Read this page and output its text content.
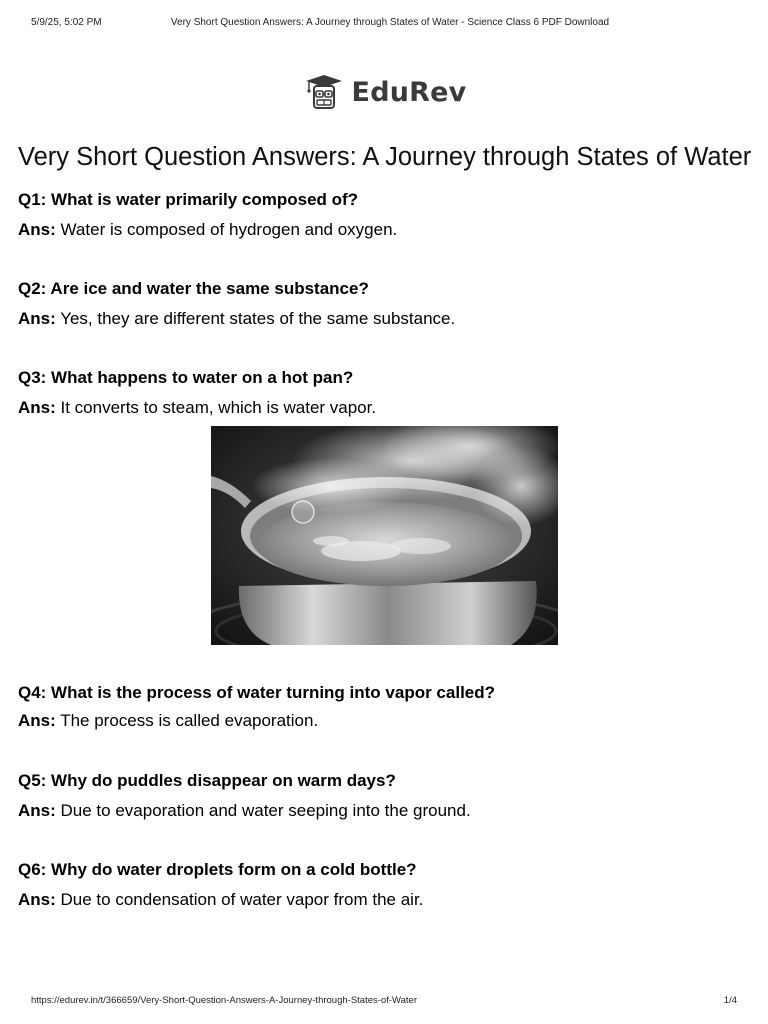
5/9/25, 5:02 PM	Very Short Question Answers: A Journey through States of Water - Science Class 6 PDF Download
EduRev
Very Short Question Answers: A Journey through States of Water
Q1: What is water primarily composed of?
Ans: Water is composed of hydrogen and oxygen.
Q2: Are ice and water the same substance?
Ans: Yes, they are different states of the same substance.
Q3: What happens to water on a hot pan?
Ans: It converts to steam, which is water vapor.
Q4: What is the process of water turning into vapor called?
Ans: The process is called evaporation.
Q5: Why do puddles disappear on warm days?
Ans: Due to evaporation and water seeping into the ground.
Q6: Why do water droplets form on a cold bottle?
Ans: Due to condensation of water vapor from the air.
https://edurev.in/t/366659/Very-Short-Question-Answers-A-Journey-through-States-of-Water	1/4
